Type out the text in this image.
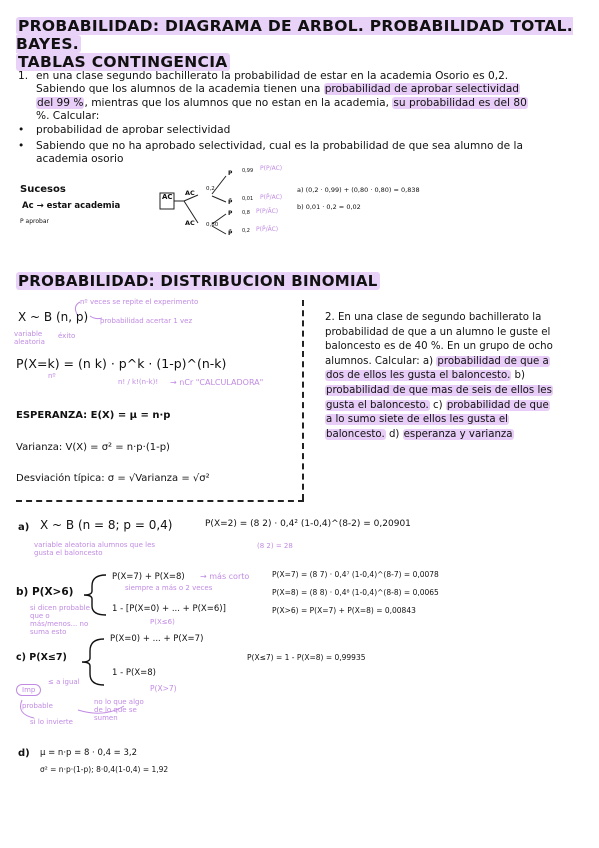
PROBABILIDAD: DIAGRAMA DE ARBOL. PROBABILIDAD TOTAL. BAYES.
TABLAS CONTINGENCIA
1. en una clase segundo bachillerato la probabilidad de estar en la academia Osorio es 0,2.
Sabiendo que los alumnos de la academia tienen una probabilidad de aprobar selectividad
del 99 %, mientras que los alumnos que no estan en la academia, su probabilidad es del 80
%. Calcular:
• probabilidad de aprobar selectividad
• Sabiendo que no ha aprobado selectividad, cual es la probabilidad de que sea alumno de la
academia osorio
Sucesos
Ac → estar academia
P aprobar
AC AC
AC
0,2
0,80
P
P̄
P
P̄
0,99
0,01
0,8
0,2
P(P/AC)
P(P̄/AC)
P(P/ĀC)
P(P̄/ĀC)
a) (0,2 · 0,99) + (0,80 · 0,80) = 0,838
b) 0,01 · 0,2 = 0,02
PROBABILIDAD: DISTRIBUCION BINOMIAL
nº veces se repite el experimento
probabilidad acertar 1 vez
X ~ B (n, p)
variable aleatoria
éxito
P(X=k) = (n k) · p^k · (1-p)^(n-k)
nº
n! / k!(n-k)! → nCr "CALCULADORA"
ESPERANZA: E(X) = μ = n·p
Varianza: V(X) = σ² = n·p·(1-p)
Desviación típica: σ = √Varianza = √σ²
2. En una clase de segundo bachillerato la
probabilidad de que a un alumno le guste el
baloncesto es de 40 %. En un grupo de ocho
alumnos. Calcular: a) probabilidad de que a
dos de ellos les gusta el baloncesto. b)
probabilidad de que mas de seis de ellos les
gusta el baloncesto. c) probabilidad de que
a lo sumo siete de ellos les gusta el
baloncesto. d) esperanza y varianza
a) X ~ B (n = 8; p = 0,4)
variable aleatoria alumnos que les gusta el baloncesto
P(X=2) = (8 2) · 0,4² (1-0,4)^(8-2) = 0,20901
(8 2) = 28
b) P(X>6)
P(X=7) + P(X=8) → más corto
siempre a más o 2 veces
1 - [P(X=0) + ... + P(X=6)]
P(X≤6)
si dicen probable que o más/menos... no suma esto
P(X=7) = (8 7) · 0,4⁷ (1-0,4)^(8-7) = 0,0078
P(X=8) = (8 8) · 0,4⁸ (1-0,4)^(8-8) = 0,0065
P(X>6) = P(X=7) + P(X=8) = 0,00843
c) P(X≤7)
P(X=0) + ... + P(X=7)
1 - P(X=8)
P(X>7)
P(X≤7) = 1 - P(X=8) = 0,99935
Imp
≤ a igual
no lo que algo de lo que se sumen
probable
si lo invierte
d) μ = n·p = 8 · 0,4 = 3,2
σ² = n·p·(1-p); 8·0,4(1-0,4) = 1,92
